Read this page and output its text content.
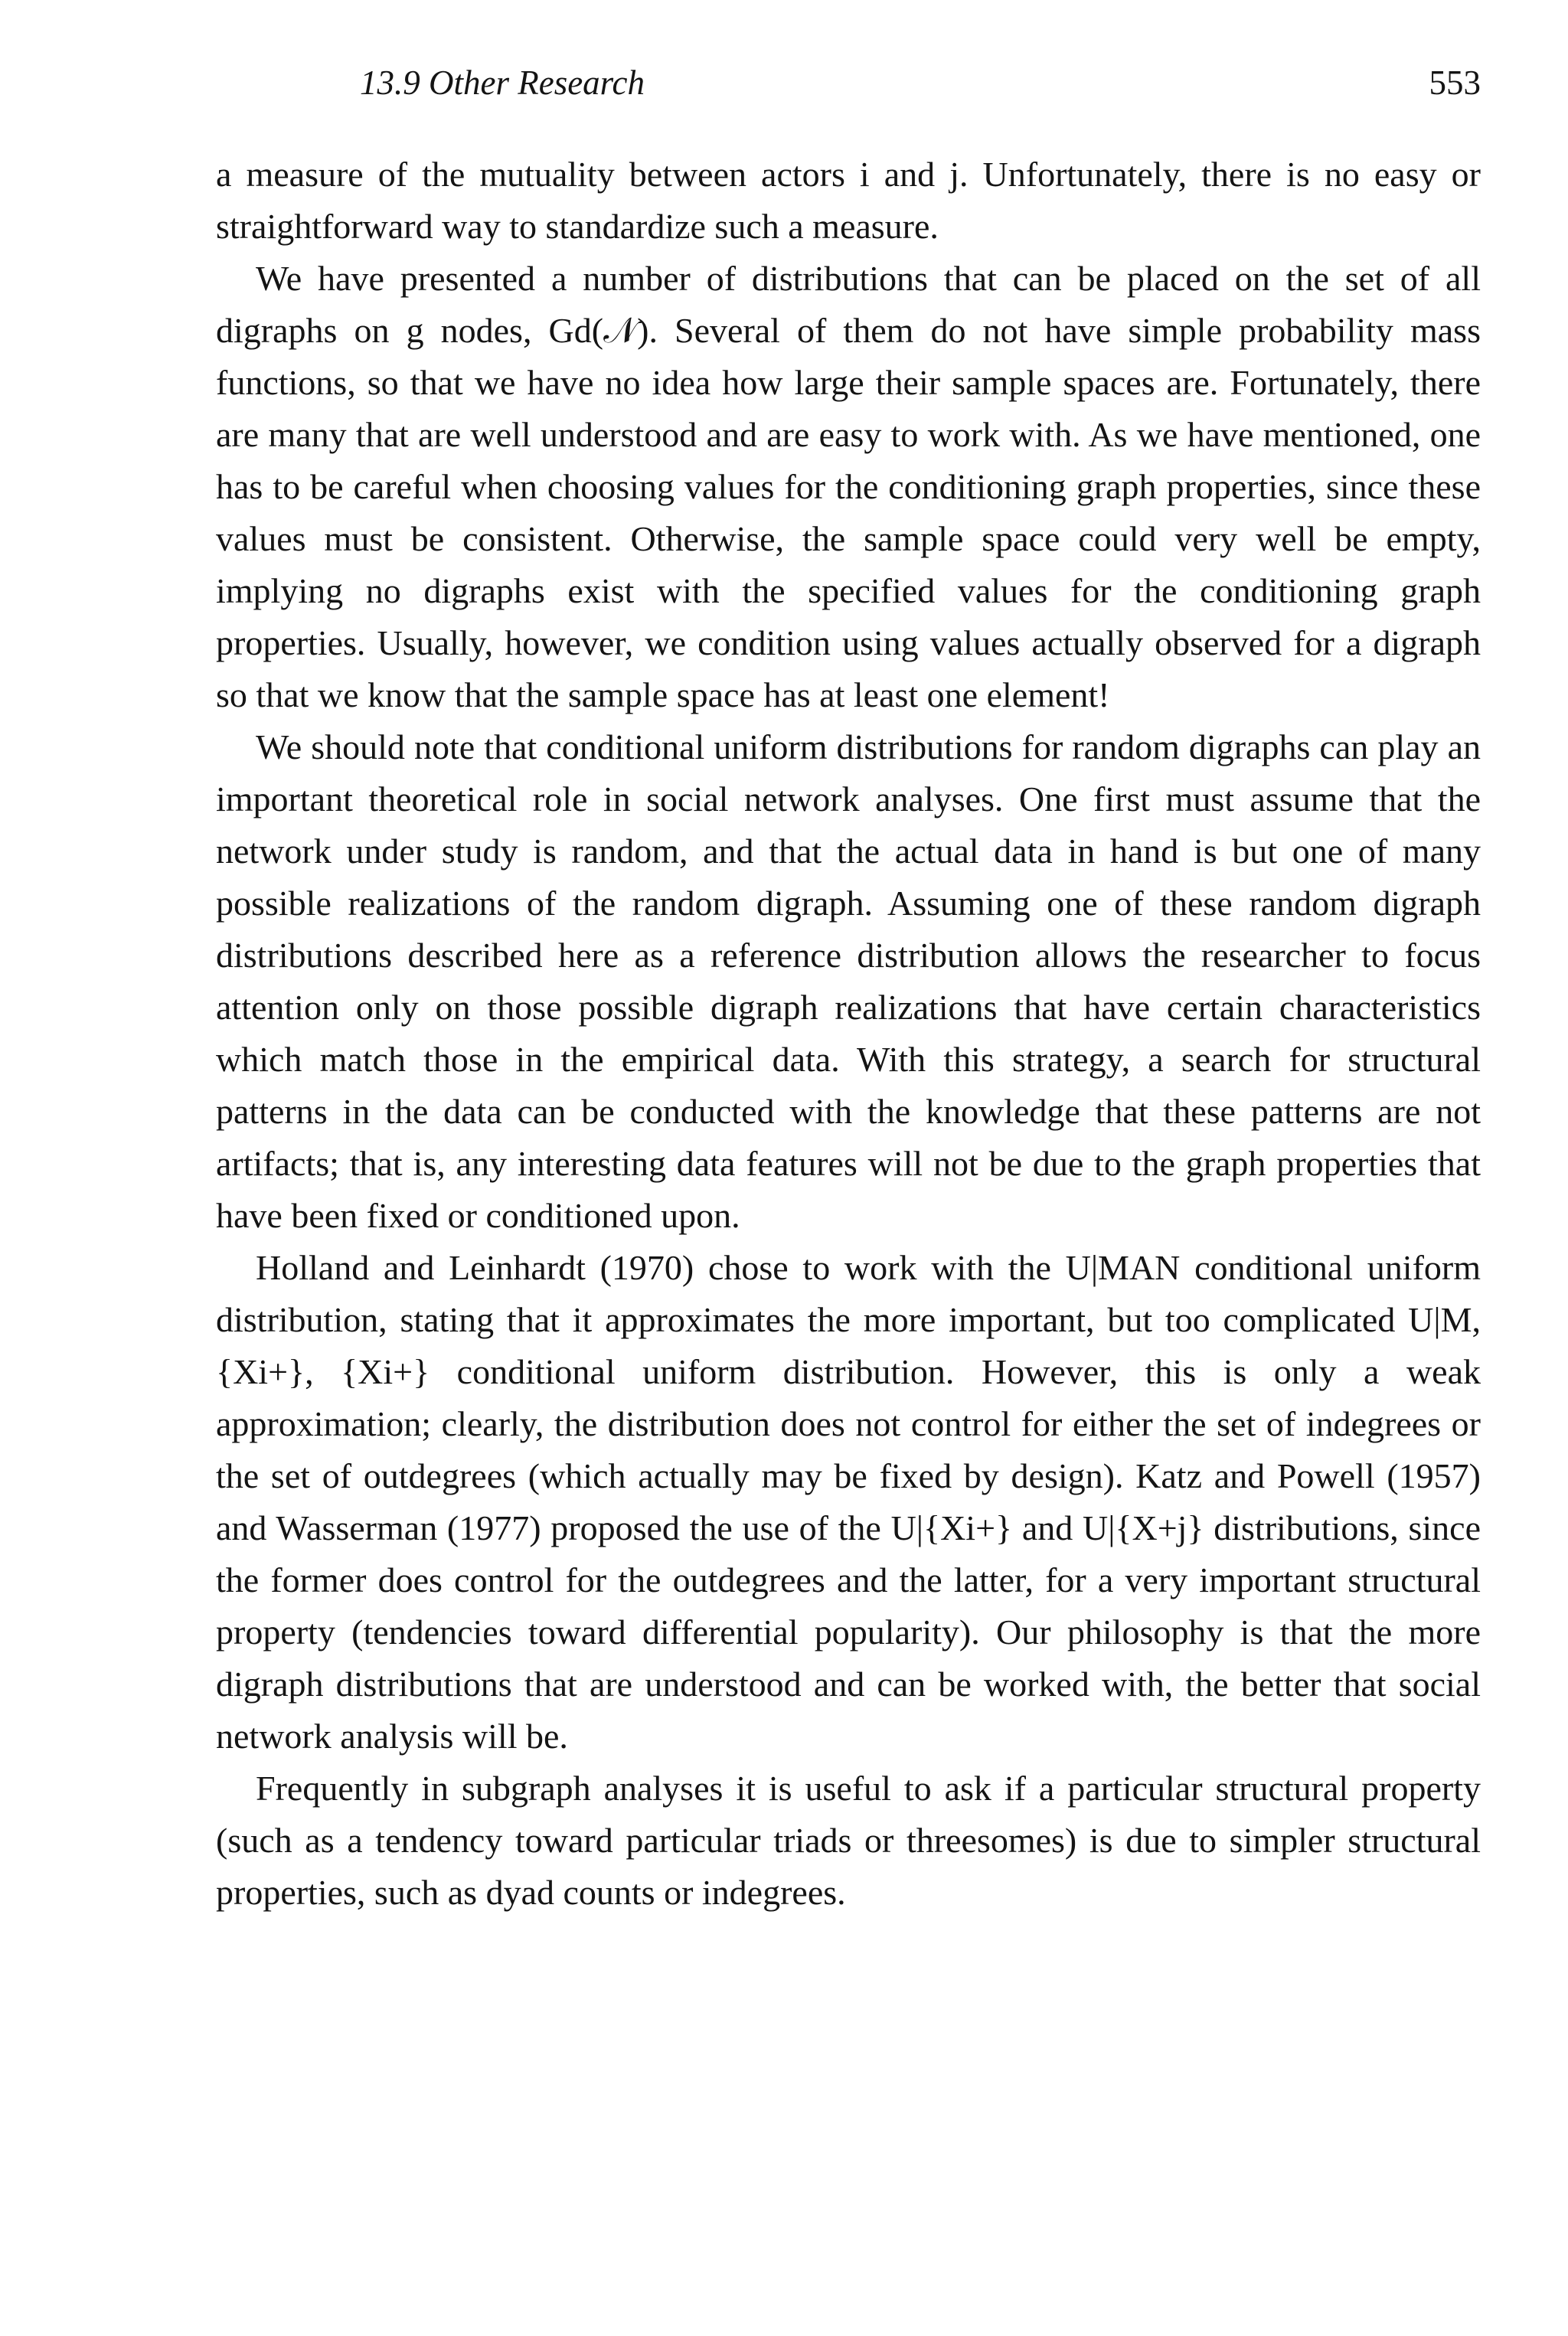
13.9 Other Research	553

a measure of the mutuality between actors i and j. Unfortunately, there is no easy or straightforward way to standardize such a measure.

We have presented a number of distributions that can be placed on the set of all digraphs on g nodes, Gd(𝒩). Several of them do not have simple probability mass functions, so that we have no idea how large their sample spaces are. Fortunately, there are many that are well understood and are easy to work with. As we have mentioned, one has to be careful when choosing values for the conditioning graph properties, since these values must be consistent. Otherwise, the sample space could very well be empty, implying no digraphs exist with the specified values for the conditioning graph properties. Usually, however, we condition using values actually observed for a digraph so that we know that the sample space has at least one element!

We should note that conditional uniform distributions for random digraphs can play an important theoretical role in social network analyses. One first must assume that the network under study is random, and that the actual data in hand is but one of many possible realizations of the random digraph. Assuming one of these random digraph distributions described here as a reference distribution allows the researcher to focus attention only on those possible digraph realizations that have certain characteristics which match those in the empirical data. With this strategy, a search for structural patterns in the data can be conducted with the knowledge that these patterns are not artifacts; that is, any interesting data features will not be due to the graph properties that have been fixed or conditioned upon.

Holland and Leinhardt (1970) chose to work with the U|MAN conditional uniform distribution, stating that it approximates the more important, but too complicated U|M, {Xi+}, {Xi+} conditional uniform distribution. However, this is only a weak approximation; clearly, the distribution does not control for either the set of indegrees or the set of outdegrees (which actually may be fixed by design). Katz and Powell (1957) and Wasserman (1977) proposed the use of the U|{Xi+} and U|{X+j} distributions, since the former does control for the outdegrees and the latter, for a very important structural property (tendencies toward differential popularity). Our philosophy is that the more digraph distributions that are understood and can be worked with, the better that social network analysis will be.

Frequently in subgraph analyses it is useful to ask if a particular structural property (such as a tendency toward particular triads or threesomes) is due to simpler structural properties, such as dyad counts or indegrees.
